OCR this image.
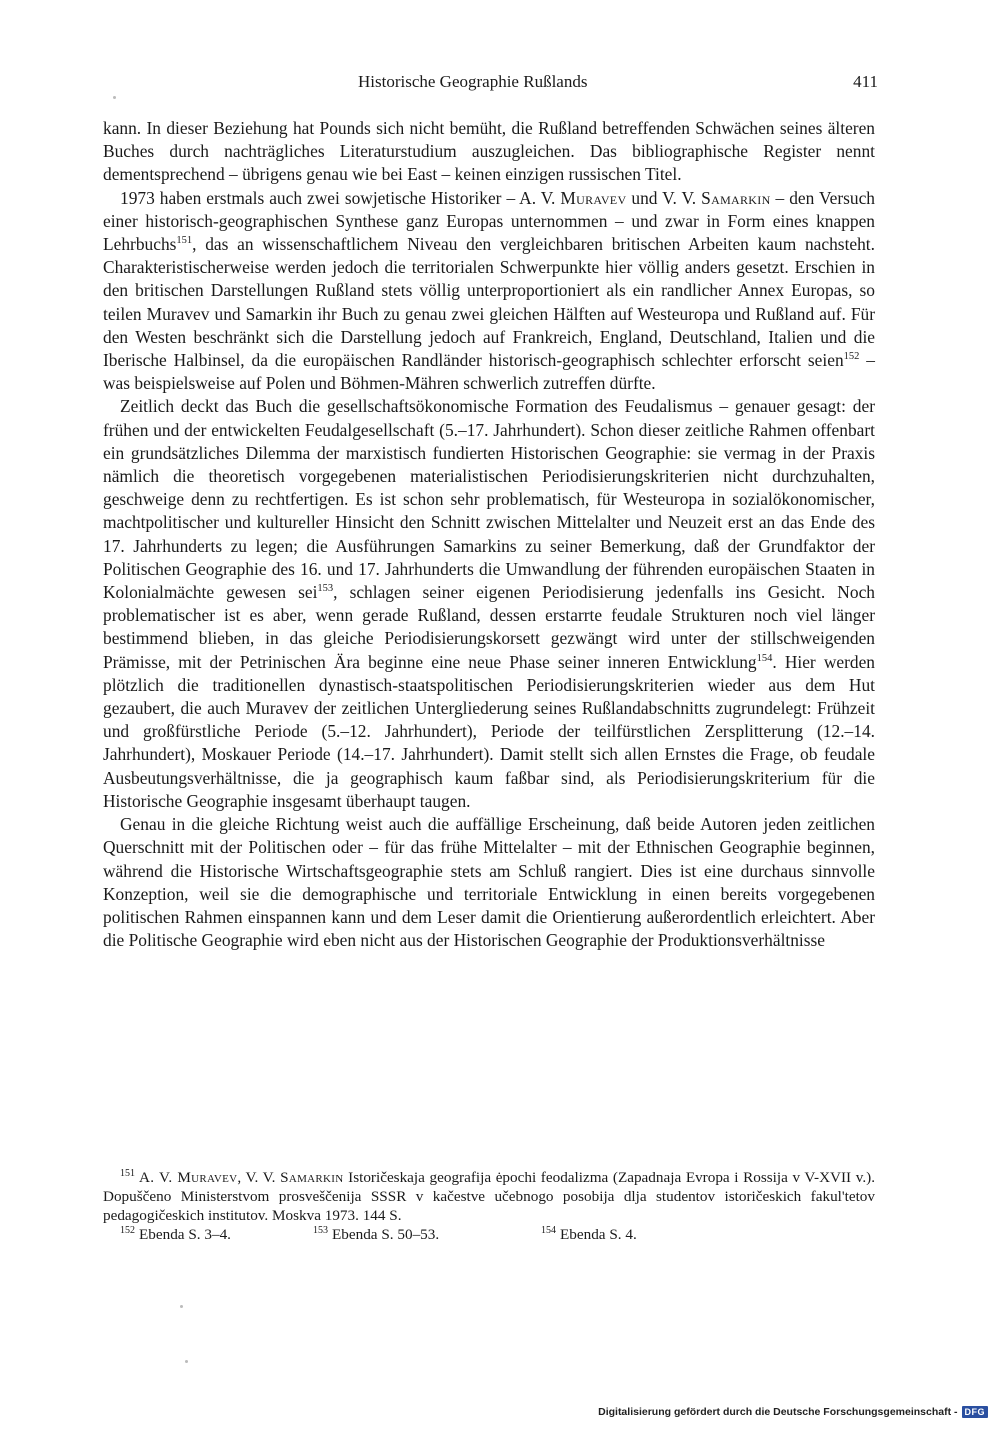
Historische Geographie Rußlands	411

kann. In dieser Beziehung hat Pounds sich nicht bemüht, die Rußland betreffenden Schwächen seines älteren Buches durch nachträgliches Literaturstudium auszugleichen. Das bibliographische Register nennt dementsprechend – übrigens genau wie bei East – keinen einzigen russischen Titel.

1973 haben erstmals auch zwei sowjetische Historiker – A. V. Muravev und V. V. Samarkin – den Versuch einer historisch-geographischen Synthese ganz Europas unternommen – und zwar in Form eines knappen Lehrbuchs$^{151}$, das an wissenschaftlichem Niveau den vergleichbaren britischen Arbeiten kaum nachsteht. Charakteristischerweise werden jedoch die territorialen Schwerpunkte hier völlig anders gesetzt. Erschien in den britischen Darstellungen Rußland stets völlig unterproportioniert als ein randlicher Annex Europas, so teilen Muravev und Samarkin ihr Buch zu genau zwei gleichen Hälften auf Westeuropa und Rußland auf. Für den Westen beschränkt sich die Darstellung jedoch auf Frankreich, England, Deutschland, Italien und die Iberische Halbinsel, da die europäischen Randländer historisch-geographisch schlechter erforscht seien$^{152}$ – was beispielsweise auf Polen und Böhmen-Mähren schwerlich zutreffen dürfte.

Zeitlich deckt das Buch die gesellschaftsökonomische Formation des Feudalismus – genauer gesagt: der frühen und der entwickelten Feudalgesellschaft (5.–17. Jahrhundert). Schon dieser zeitliche Rahmen offenbart ein grundsätzliches Dilemma der marxistisch fundierten Historischen Geographie: sie vermag in der Praxis nämlich die theoretisch vorgegebenen materialistischen Periodisierungskriterien nicht durchzuhalten, geschweige denn zu rechtfertigen. Es ist schon sehr problematisch, für Westeuropa in sozialökonomischer, machtpolitischer und kultureller Hinsicht den Schnitt zwischen Mittelalter und Neuzeit erst an das Ende des 17. Jahrhunderts zu legen; die Ausführungen Samarkins zu seiner Bemerkung, daß der Grundfaktor der Politischen Geographie des 16. und 17. Jahrhunderts die Umwandlung der führenden europäischen Staaten in Kolonialmächte gewesen sei$^{153}$, schlagen seiner eigenen Periodisierung jedenfalls ins Gesicht. Noch problematischer ist es aber, wenn gerade Rußland, dessen erstarrte feudale Strukturen noch viel länger bestimmend blieben, in das gleiche Periodisierungskorsett gezwängt wird unter der stillschweigenden Prämisse, mit der Petrinischen Ära beginne eine neue Phase seiner inneren Entwicklung$^{154}$. Hier werden plötzlich die traditionellen dynastisch-staatspolitischen Periodisierungskriterien wieder aus dem Hut gezaubert, die auch Muravev der zeitlichen Untergliederung seines Rußlandabschnitts zugrundelegt: Frühzeit und großfürstliche Periode (5.–12. Jahrhundert), Periode der teilfürstlichen Zersplitterung (12.–14. Jahrhundert), Moskauer Periode (14.–17. Jahrhundert). Damit stellt sich allen Ernstes die Frage, ob feudale Ausbeutungsverhältnisse, die ja geographisch kaum faßbar sind, als Periodisierungskriterium für die Historische Geographie insgesamt überhaupt taugen.

Genau in die gleiche Richtung weist auch die auffällige Erscheinung, daß beide Autoren jeden zeitlichen Querschnitt mit der Politischen oder – für das frühe Mittelalter – mit der Ethnischen Geographie beginnen, während die Historische Wirtschaftsgeographie stets am Schluß rangiert. Dies ist eine durchaus sinnvolle Konzeption, weil sie die demographische und territoriale Entwicklung in einen bereits vorgegebenen politischen Rahmen einspannen kann und dem Leser damit die Orientierung außerordentlich erleichtert. Aber die Politische Geographie wird eben nicht aus der Historischen Geographie der Produktionsverhältnisse

$^{151}$ A. V. Muravev, V. V. Samarkin Istoričeskaja geografija ėpochi feodalizma (Zapadnaja Evropa i Rossija v V-XVII v.). Dopuščeno Ministerstvom prosveščenija SSSR v kačestve učebnogo posobija dlja studentov istoričeskich fakul'tetov pedagogičeskich institutov. Moskva 1973. 144 S.

$^{152}$ Ebenda S. 3–4.	$^{153}$ Ebenda S. 50–53.	$^{154}$ Ebenda S. 4.
Digitalisierung gefördert durch die Deutsche Forschungsgemeinschaft - DFG
